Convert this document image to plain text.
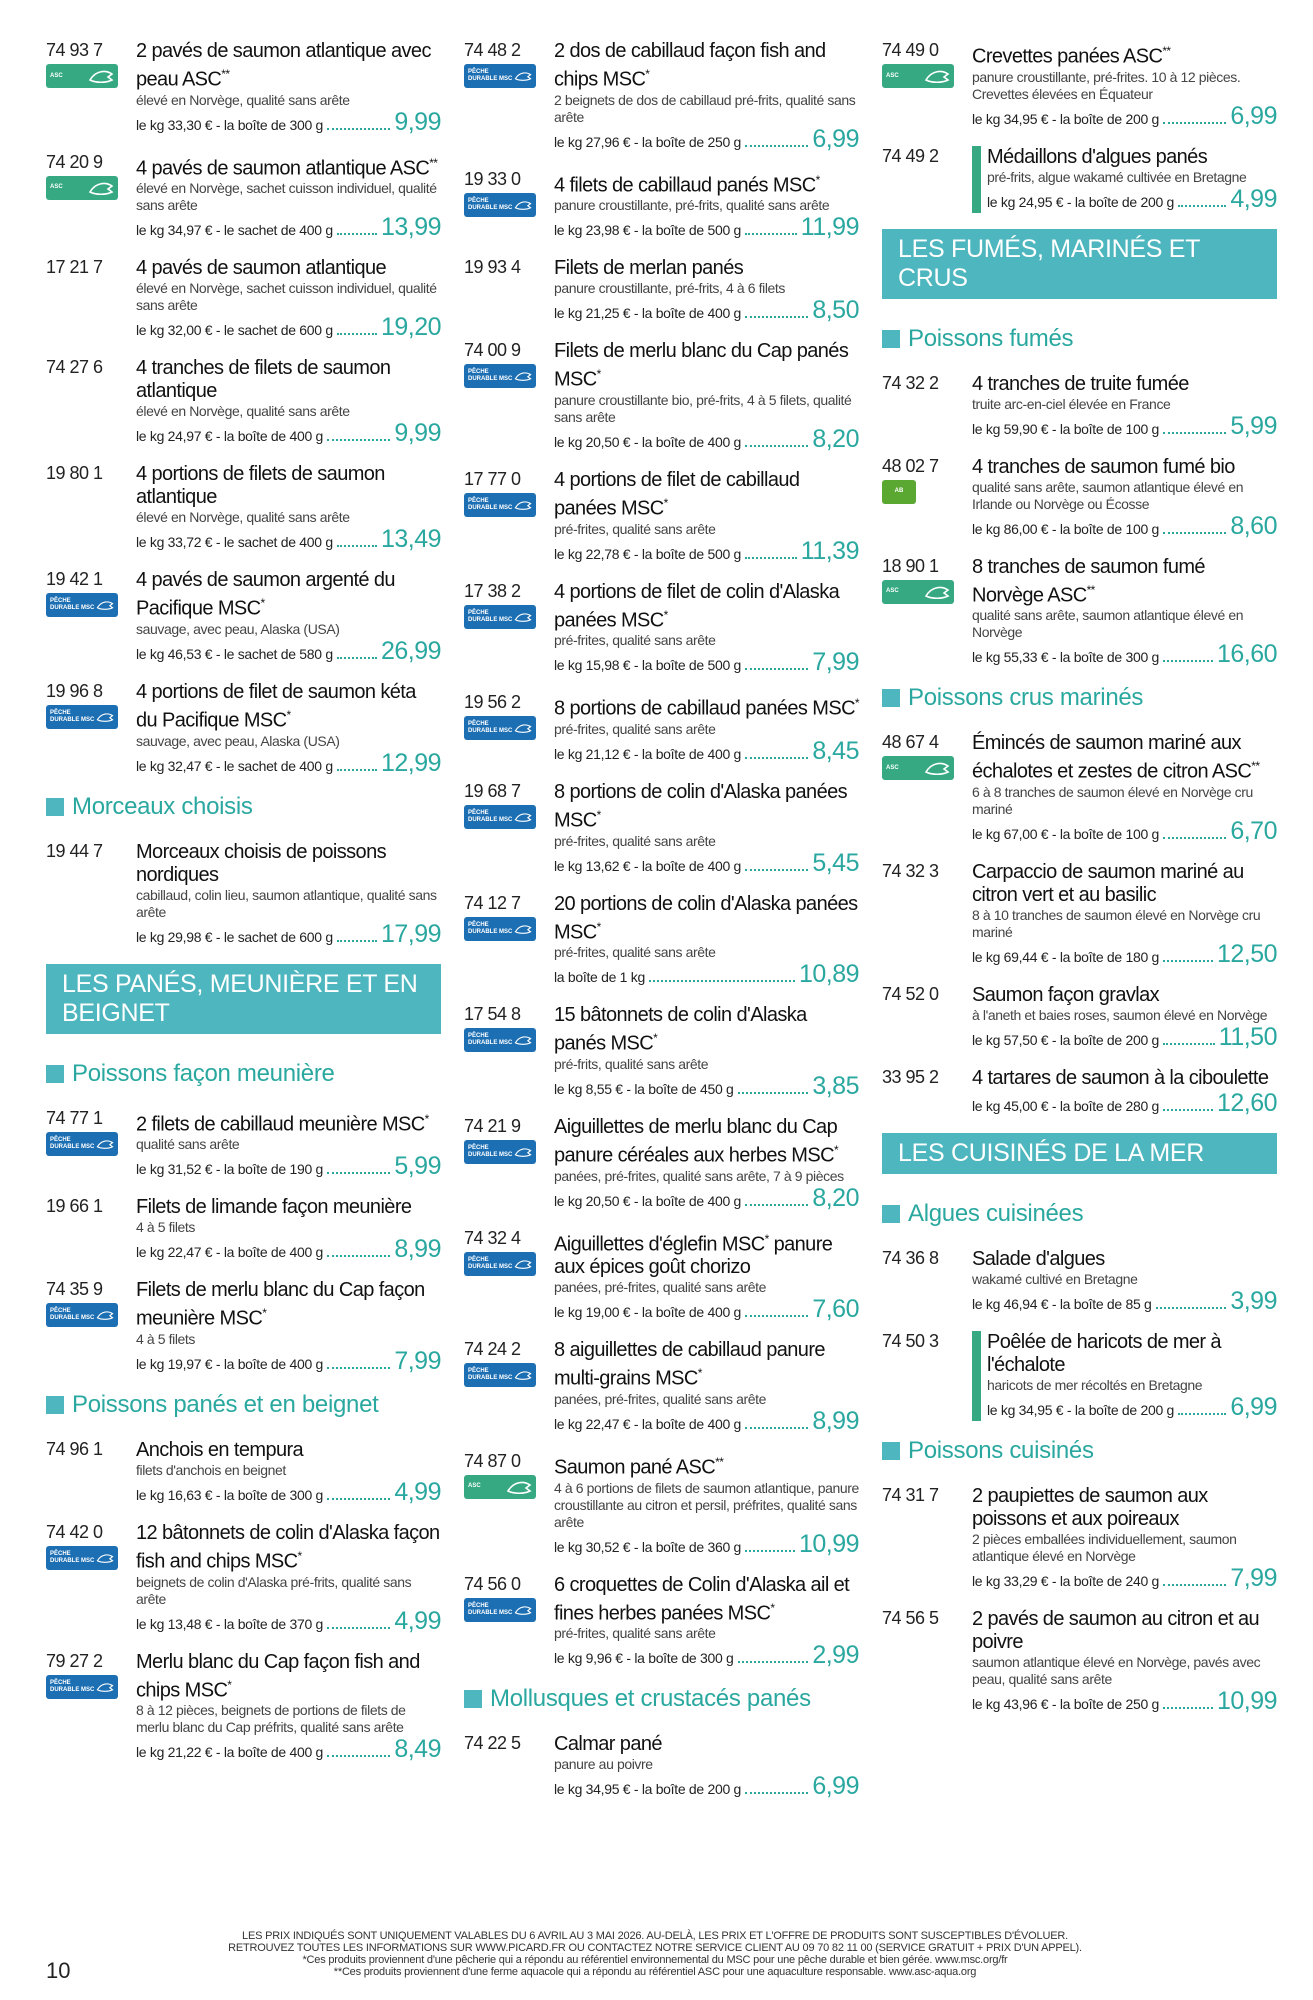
74 93 7
ASC
2 pavés de saumon atlantique avec peau ASC**
élevé en Norvège, qualité sans arête
le kg 33,30 € - la boîte de 300 g	9,99
74 20 9
ASC
4 pavés de saumon atlantique ASC**
élevé en Norvège, sachet cuisson individuel, qualité sans arête
le kg 34,97 € - le sachet de 400 g 13,99
17 21 7	4 pavés de saumon atlantique
élevé en Norvège, sachet cuisson individuel, qualité sans arête
le kg 32,00 € - le sachet de 600 g 19,20
74 27 6	4 tranches de filets de saumon atlantique
élevé en Norvège, qualité sans arête
le kg 24,97 € - la boîte de 400 g	9,99
19 80 1	4 portions de filets de saumon atlantique
élevé en Norvège, qualité sans arête
le kg 33,72 € - le sachet de 400 g 13,49
19 42 1
PÊCHE DURABLE MSC
4 pavés de saumon argenté du Pacifique MSC*
sauvage, avec peau, Alaska (USA)
le kg 46,53 € - le sachet de 580 g 26,99
19 96 8
PÊCHE DURABLE MSC
4 portions de filet de saumon kéta du Pacifique MSC*
sauvage, avec peau, Alaska (USA)
le kg 32,47 € - le sachet de 400 g 12,99
Morceaux choisis
19 44 7	Morceaux choisis de poissons nordiques
cabillaud, colin lieu, saumon atlantique, qualité sans arête
le kg 29,98 € - le sachet de 600 g 17,99
LES PANÉS, MEUNIÈRE ET EN BEIGNET
Poissons façon meunière
74 77 1
PÊCHE DURABLE MSC
2 filets de cabillaud meunière MSC*
qualité sans arête
le kg 31,52 € - la boîte de 190 g	5,99
19 66 1	Filets de limande façon meunière
4 à 5 filets
le kg 22,47 € - la boîte de 400 g	8,99
74 35 9
PÊCHE DURABLE MSC
Filets de merlu blanc du Cap façon meunière MSC*
4 à 5 filets
le kg 19,97 € - la boîte de 400 g	7,99
Poissons panés et en beignet
74 96 1	Anchois en tempura
filets d'anchois en beignet
le kg 16,63 € - la boîte de 300 g	4,99
74 42 0
PÊCHE DURABLE MSC
12 bâtonnets de colin d'Alaska façon fish and chips MSC*
beignets de colin d'Alaska pré-frits, qualité sans arête
le kg 13,48 € - la boîte de 370 g	4,99
79 27 2
PÊCHE DURABLE MSC
Merlu blanc du Cap façon fish and chips MSC*
8 à 12 pièces, beignets de portions de filets de merlu blanc du Cap préfrits, qualité sans arête
le kg 21,22 € - la boîte de 400 g	8,49
74 48 2
PÊCHE DURABLE MSC
2 dos de cabillaud façon fish and chips MSC*
2 beignets de dos de cabillaud pré-frits, qualité sans arête
le kg 27,96 € - la boîte de 250 g	6,99
19 33 0
PÊCHE DURABLE MSC
4 filets de cabillaud panés MSC*
panure croustillante, pré-frits, qualité sans arête
le kg 23,98 € - la boîte de 500 g 11,99
19 93 4	Filets de merlan panés
panure croustillante, pré-frits, 4 à 6 filets
le kg 21,25 € - la boîte de 400 g	8,50
74 00 9
PÊCHE DURABLE MSC
Filets de merlu blanc du Cap panés MSC*
panure croustillante bio, pré-frits, 4 à 5 filets, qualité sans arête
le kg 20,50 € - la boîte de 400 g	8,20
17 77 0
PÊCHE DURABLE MSC
4 portions de filet de cabillaud panées MSC*
pré-frites, qualité sans arête
le kg 22,78 € - la boîte de 500 g 11,39
17 38 2
PÊCHE DURABLE MSC
4 portions de filet de colin d'Alaska panées MSC*
pré-frites, qualité sans arête
le kg 15,98 € - la boîte de 500 g	7,99
19 56 2
PÊCHE DURABLE MSC
8 portions de cabillaud panées MSC*
pré-frites, qualité sans arête
le kg 21,12 € - la boîte de 400 g	8,45
19 68 7
PÊCHE DURABLE MSC
8 portions de colin d'Alaska panées MSC*
pré-frites, qualité sans arête
le kg 13,62 € - la boîte de 400 g	5,45
74 12 7
PÊCHE DURABLE MSC
20 portions de colin d'Alaska panées MSC*
pré-frites, qualité sans arête
la boîte de 1 kg	10,89
17 54 8
PÊCHE DURABLE MSC
15 bâtonnets de colin d'Alaska panés MSC*
pré-frits, qualité sans arête
le kg 8,55 € - la boîte de 450 g	3,85
74 21 9
PÊCHE DURABLE MSC
Aiguillettes de merlu blanc du Cap panure céréales aux herbes MSC*
panées, pré-frites, qualité sans arête, 7 à 9 pièces
le kg 20,50 € - la boîte de 400 g	8,20
74 32 4
PÊCHE DURABLE MSC
Aiguillettes d'églefin MSC* panure aux épices goût chorizo
panées, pré-frites, qualité sans arête
le kg 19,00 € - la boîte de 400 g	7,60
74 24 2
PÊCHE DURABLE MSC
8 aiguillettes de cabillaud panure multi-grains MSC*
panées, pré-frites, qualité sans arête
le kg 22,47 € - la boîte de 400 g	8,99
74 87 0
ASC
Saumon pané ASC**
4 à 6 portions de filets de saumon atlantique, panure croustillante au citron et persil, préfrites, qualité sans arête
le kg 30,52 € - la boîte de 360 g 10,99
74 56 0
PÊCHE DURABLE MSC
6 croquettes de Colin d'Alaska ail et fines herbes panées MSC*
pré-frites, qualité sans arête
le kg 9,96 € - la boîte de 300 g	2,99
Mollusques et crustacés panés
74 22 5	Calmar pané
panure au poivre
le kg 34,95 € - la boîte de 200 g	6,99
74 49 0
ASC
Crevettes panées ASC**
panure croustillante, pré-frites. 10 à 12 pièces. Crevettes élevées en Équateur
le kg 34,95 € - la boîte de 200 g	6,99
74 49 2	Médaillons d'algues panés
pré-frits, algue wakamé cultivée en Bretagne
le kg 24,95 € - la boîte de 200 g 4,99
LES FUMÉS, MARINÉS ET CRUS
Poissons fumés
74 32 2	4 tranches de truite fumée
truite arc-en-ciel élevée en France
le kg 59,90 € - la boîte de 100 g	5,99
48 02 7
AB
4 tranches de saumon fumé bio
qualité sans arête, saumon atlantique élevé en Irlande ou Norvège ou Écosse
le kg 86,00 € - la boîte de 100 g	8,60
18 90 1
ASC
8 tranches de saumon fumé Norvège ASC**
qualité sans arête, saumon atlantique élevé en Norvège
le kg 55,33 € - la boîte de 300 g 16,60
Poissons crus marinés
48 67 4
ASC
Émincés de saumon mariné aux échalotes et zestes de citron ASC**
6 à 8 tranches de saumon élevé en Norvège cru mariné
le kg 67,00 € - la boîte de 100 g	6,70
74 32 3	Carpaccio de saumon mariné au citron vert et au basilic
8 à 10 tranches de saumon élevé en Norvège cru mariné
le kg 69,44 € - la boîte de 180 g 12,50
74 52 0	Saumon façon gravlax
à l'aneth et baies roses, saumon élevé en Norvège
le kg 57,50 € - la boîte de 200 g 11,50
33 95 2	4 tartares de saumon à la ciboulette
le kg 45,00 € - la boîte de 280 g 12,60
LES CUISINÉS DE LA MER
Algues cuisinées
74 36 8	Salade d'algues
wakamé cultivé en Bretagne
le kg 46,94 € - la boîte de 85 g	3,99
74 50 3	Poêlée de haricots de mer à l'échalote
haricots de mer récoltés en Bretagne
le kg 34,95 € - la boîte de 200 g 6,99
Poissons cuisinés
74 31 7	2 paupiettes de saumon aux poissons et aux poireaux
2 pièces emballées individuellement, saumon atlantique élevé en Norvège
le kg 33,29 € - la boîte de 240 g	7,99
74 56 5	2 pavés de saumon au citron et au poivre
saumon atlantique élevé en Norvège, pavés avec peau, qualité sans arête
le kg 43,96 € - la boîte de 250 g 10,99
LES PRIX INDIQUÉS SONT UNIQUEMENT VALABLES DU 6 AVRIL AU 3 MAI 2026. AU-DELÀ, LES PRIX ET L'OFFRE DE PRODUITS SONT SUSCEPTIBLES D'ÉVOLUER.
RETROUVEZ TOUTES LES INFORMATIONS SUR WWW.PICARD.FR OU CONTACTEZ NOTRE SERVICE CLIENT AU 09 70 82 11 00 (SERVICE GRATUIT + PRIX D'UN APPEL).
*Ces produits proviennent d'une pêcherie qui a répondu au référentiel environnemental du MSC pour une pêche durable et bien gérée. www.msc.org/fr
**Ces produits proviennent d'une ferme aquacole qui a répondu au référentiel ASC pour une aquaculture responsable. www.asc-aqua.org
10
